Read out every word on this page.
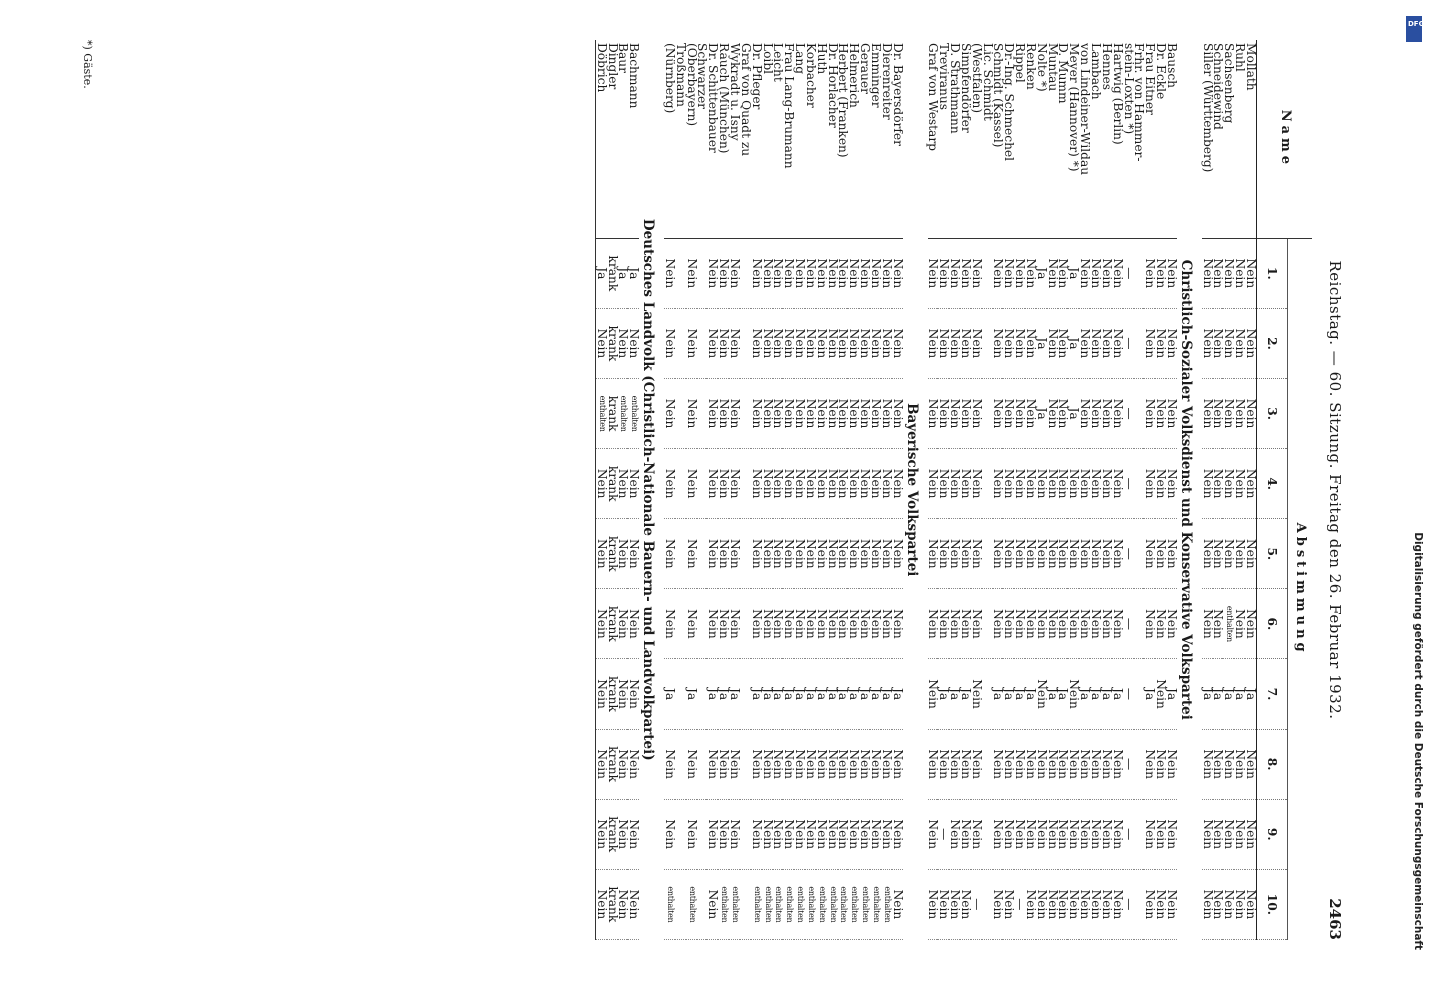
Reichstag. — 60. Sitzung. Freitag den 26. Februar 1932.
2463
Name	Abstimmung									
	1.	2.	3.	4.	5.	6.	7.	8.	9.	10.
Mollath	Nein	Nein	Nein	Nein	Nein	Nein	Ja	Nein	Nein	Nein
Ruhl	Nein	Nein	Nein	Nein	Nein	Nein	Ja	Nein	Nein	Nein
Sachsenberg	Nein	Nein	Nein	Nein	Nein	enthalten	Ja	Nein	Nein	Nein
Schneidewind	Nein	Nein	Nein	Nein	Nein	Nein	Ja	Nein	Nein	Nein
Siller (Württemberg)	Nein	Nein	Nein	Nein	Nein	Nein	Ja	Nein	Nein	Nein

Christlich-Sozialer Volksdienst und Konservative Volkspartei										
Bausch	Nein	Nein	Nein	Nein	Nein	Nein	Ja	Nein	Nein	Nein
Dr. Eckle	Nein	Nein	Nein	Nein	Nein	Nein	Nein	Nein	Nein	Nein
Frau Eitner	Nein	Nein	Nein	Nein	Nein	Nein	Ja	Nein	Nein	Nein
Frhr. von Hammer-										
stein-Loxten *)	—	—	—	—	—	—	—	—	—	—
Hartwig (Berlin)	Nein	Nein	Nein	Nein	Nein	Nein	Ja	Nein	Nein	Nein
Hennes	Nein	Nein	Nein	Nein	Nein	Nein	Ja	Nein	Nein	Nein
Lambach	Nein	Nein	Nein	Nein	Nein	Nein	Ja	Nein	Nein	Nein
von Lindeiner-Wildau	Nein	Nein	Nein	Nein	Nein	Nein	Ja	Nein	Nein	Nein
Meyer (Hannover) *)	Ja	Ja	Ja	Nein	Nein	Nein	Nein	Nein	Nein	Nein
D. Mumm	Nein	Nein	Nein	Nein	Nein	Nein	Ja	Nein	Nein	Nein
Muntau	Nein	Nein	Nein	Nein	Nein	Nein	Ja	Nein	Nein	Nein
Nolte *)	Ja	Ja	Ja	Nein	Nein	Nein	Nein	Nein	Nein	Nein
Renken	Nein	Nein	Nein	Nein	Nein	Nein	Ja	Nein	Nein	Nein
Rippel	Nein	Nein	Nein	Nein	Nein	Nein	Ja	Nein	Nein	—
Dr.-Ing. Schmechel	Nein	Nein	Nein	Nein	Nein	Nein	Ja	Nein	Nein	Nein
Schmidt (Kassel)	Nein	Nein	Nein	Nein	Nein	Nein	Ja	Nein	Nein	Nein
Lic. Schmidt										
(Westfalen)	Nein	Nein	Nein	Nein	Nein	Nein	Nein	Nein	Nein	—
Simpfendörfer	Nein	Nein	Nein	Nein	Nein	Nein	Ja	Nein	Nein	Nein
D. Strathmann	Nein	Nein	Nein	Nein	Nein	Nein	Ja	Nein	Nein	Nein
Treviranus	Nein	Nein	Nein	Nein	Nein	Nein	Ja	Nein	—	Nein
Graf von Westarp	Nein	Nein	Nein	Nein	Nein	Nein	Nein	Nein	Nein	Nein

Bayerische Volkspartei										
Dr. Bayersdörfer	Nein	Nein	Nein	Nein	Nein	Nein	Ja	Nein	Nein	Nein
Dierenreiter	Nein	Nein	Nein	Nein	Nein	Nein	Ja	Nein	Nein	enthalten
Emminger	Nein	Nein	Nein	Nein	Nein	Nein	Ja	Nein	Nein	enthalten
Gerauer	Nein	Nein	Nein	Nein	Nein	Nein	Ja	Nein	Nein	enthalten
Helmerich	Nein	Nein	Nein	Nein	Nein	Nein	Ja	Nein	Nein	enthalten
Herbert (Franken)	Nein	Nein	Nein	Nein	Nein	Nein	Ja	Nein	Nein	enthalten
Dr. Horlacher	Nein	Nein	Nein	Nein	Nein	Nein	Ja	Nein	Nein	enthalten
Huth	Nein	Nein	Nein	Nein	Nein	Nein	Ja	Nein	Nein	enthalten
Korbacher	Nein	Nein	Nein	Nein	Nein	Nein	Ja	Nein	Nein	enthalten
Lang	Nein	Nein	Nein	Nein	Nein	Nein	Ja	Nein	Nein	enthalten
Frau Lang-Brumann	Nein	Nein	Nein	Nein	Nein	Nein	Ja	Nein	Nein	enthalten
Leicht	Nein	Nein	Nein	Nein	Nein	Nein	Ja	Nein	Nein	enthalten
Loibl	Nein	Nein	Nein	Nein	Nein	Nein	Ja	Nein	Nein	enthalten
Dr. Pfleger	Nein	Nein	Nein	Nein	Nein	Nein	Ja	Nein	Nein	enthalten
Graf von Quadt zu										
Wykradt u. Isny	Nein	Nein	Nein	Nein	Nein	Nein	Ja	Nein	Nein	enthalten
Rauch (München)	Nein	Nein	Nein	Nein	Nein	Nein	Ja	Nein	Nein	enthalten
Dr. Schittenbauer	Nein	Nein	Nein	Nein	Nein	Nein	Ja	Nein	Nein	Nein
Schwarzer										
(Oberbayern)	Nein	Nein	Nein	Nein	Nein	Nein	Ja	Nein	Nein	enthalten
Troßmann										
(Nürnberg)	Nein	Nein	Nein	Nein	Nein	Nein	Ja	Nein	Nein	enthalten

Deutsches Landvolk (Christlich-Nationale Bauern- und Landvolkpartei)										
Bachmann	Ja	Nein	enthalten	Nein	Nein	Nein	Nein	Nein	Nein	Nein
Baur	Ja	Nein	enthalten	Nein	Nein	Nein	Nein	Nein	Nein	Nein
Dingler	krank	krank	krank	krank	krank	krank	krank	krank	krank	krank
Döbrich	Ja	Nein	enthalten	Nein	Nein	Nein	Nein	Nein	Nein	Nein
*) Gäste.
DFG
Digitalisierung gefördert durch die Deutsche Forschungsgemeinschaft
